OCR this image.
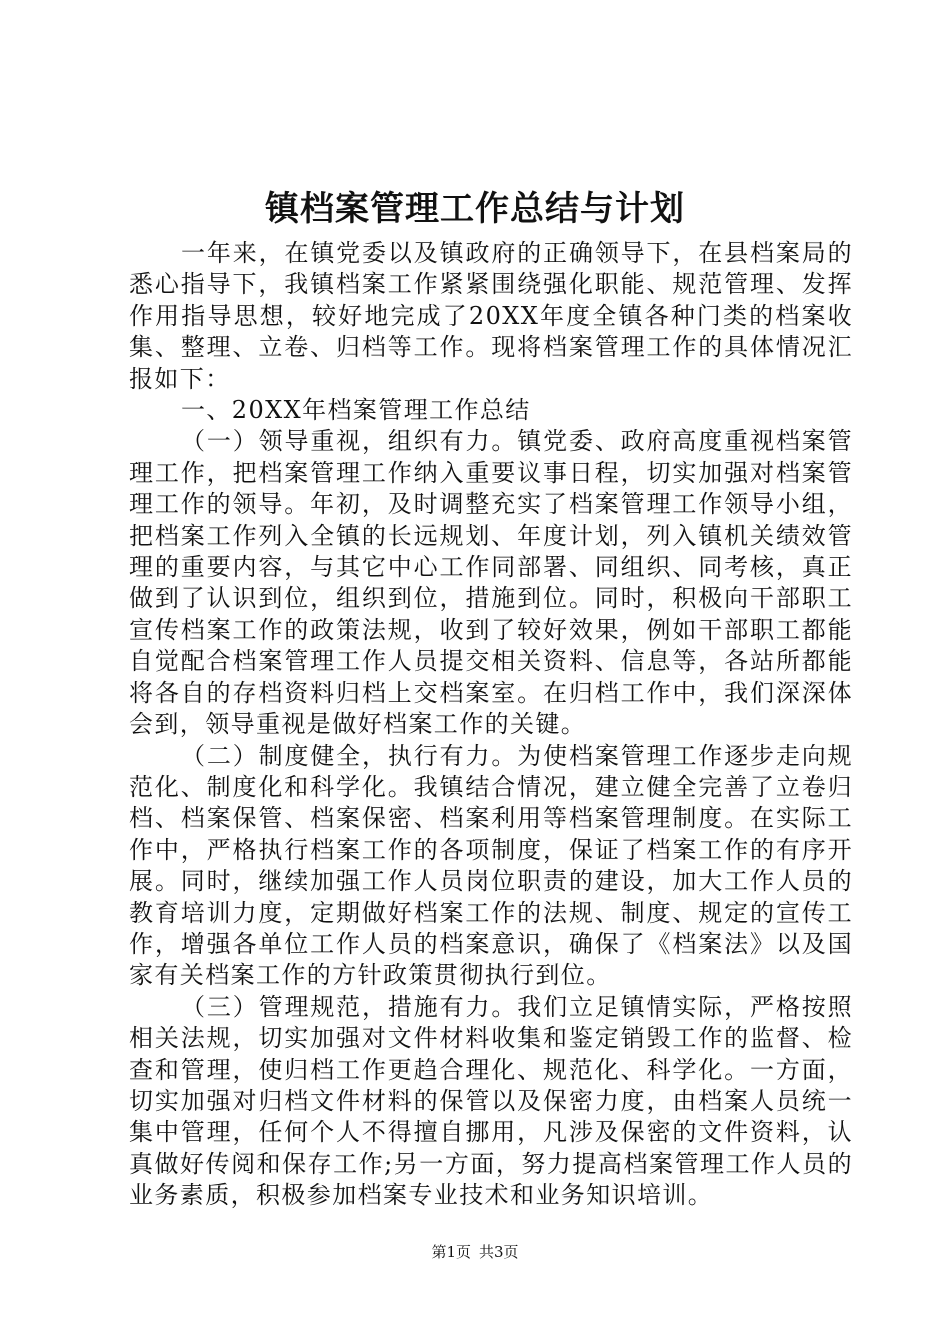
镇档案管理工作总结与计划

一年来，在镇党委以及镇政府的正确领导下，在县档案局的悉心指导下，我镇档案工作紧紧围绕强化职能、规范管理、发挥作用指导思想，较好地完成了20XX年度全镇各种门类的档案收集、整理、立卷、归档等工作。现将档案管理工作的具体情况汇报如下：

一、20XX年档案管理工作总结

（一）领导重视，组织有力。镇党委、政府高度重视档案管理工作，把档案管理工作纳入重要议事日程，切实加强对档案管理工作的领导。年初，及时调整充实了档案管理工作领导小组，把档案工作列入全镇的长远规划、年度计划，列入镇机关绩效管理的重要内容，与其它中心工作同部署、同组织、同考核，真正做到了认识到位，组织到位，措施到位。同时，积极向干部职工宣传档案工作的政策法规，收到了较好效果，例如干部职工都能自觉配合档案管理工作人员提交相关资料、信息等，各站所都能将各自的存档资料归档上交档案室。在归档工作中，我们深深体会到，领导重视是做好档案工作的关键。

（二）制度健全，执行有力。为使档案管理工作逐步走向规范化、制度化和科学化。我镇结合情况，建立健全完善了立卷归档、档案保管、档案保密、档案利用等档案管理制度。在实际工作中，严格执行档案工作的各项制度，保证了档案工作的有序开展。同时，继续加强工作人员岗位职责的建设，加大工作人员的教育培训力度，定期做好档案工作的法规、制度、规定的宣传工作，增强各单位工作人员的档案意识，确保了《档案法》以及国家有关档案工作的方针政策贯彻执行到位。

（三）管理规范，措施有力。我们立足镇情实际，严格按照相关法规，切实加强对文件材料收集和鉴定销毁工作的监督、检查和管理，使归档工作更趋合理化、规范化、科学化。一方面，切实加强对归档文件材料的保管以及保密力度，由档案人员统一集中管理，任何个人不得擅自挪用，凡涉及保密的文件资料，认真做好传阅和保存工作;另一方面，努力提高档案管理工作人员的业务素质，积极参加档案专业技术和业务知识培训。

第1页 共3页
